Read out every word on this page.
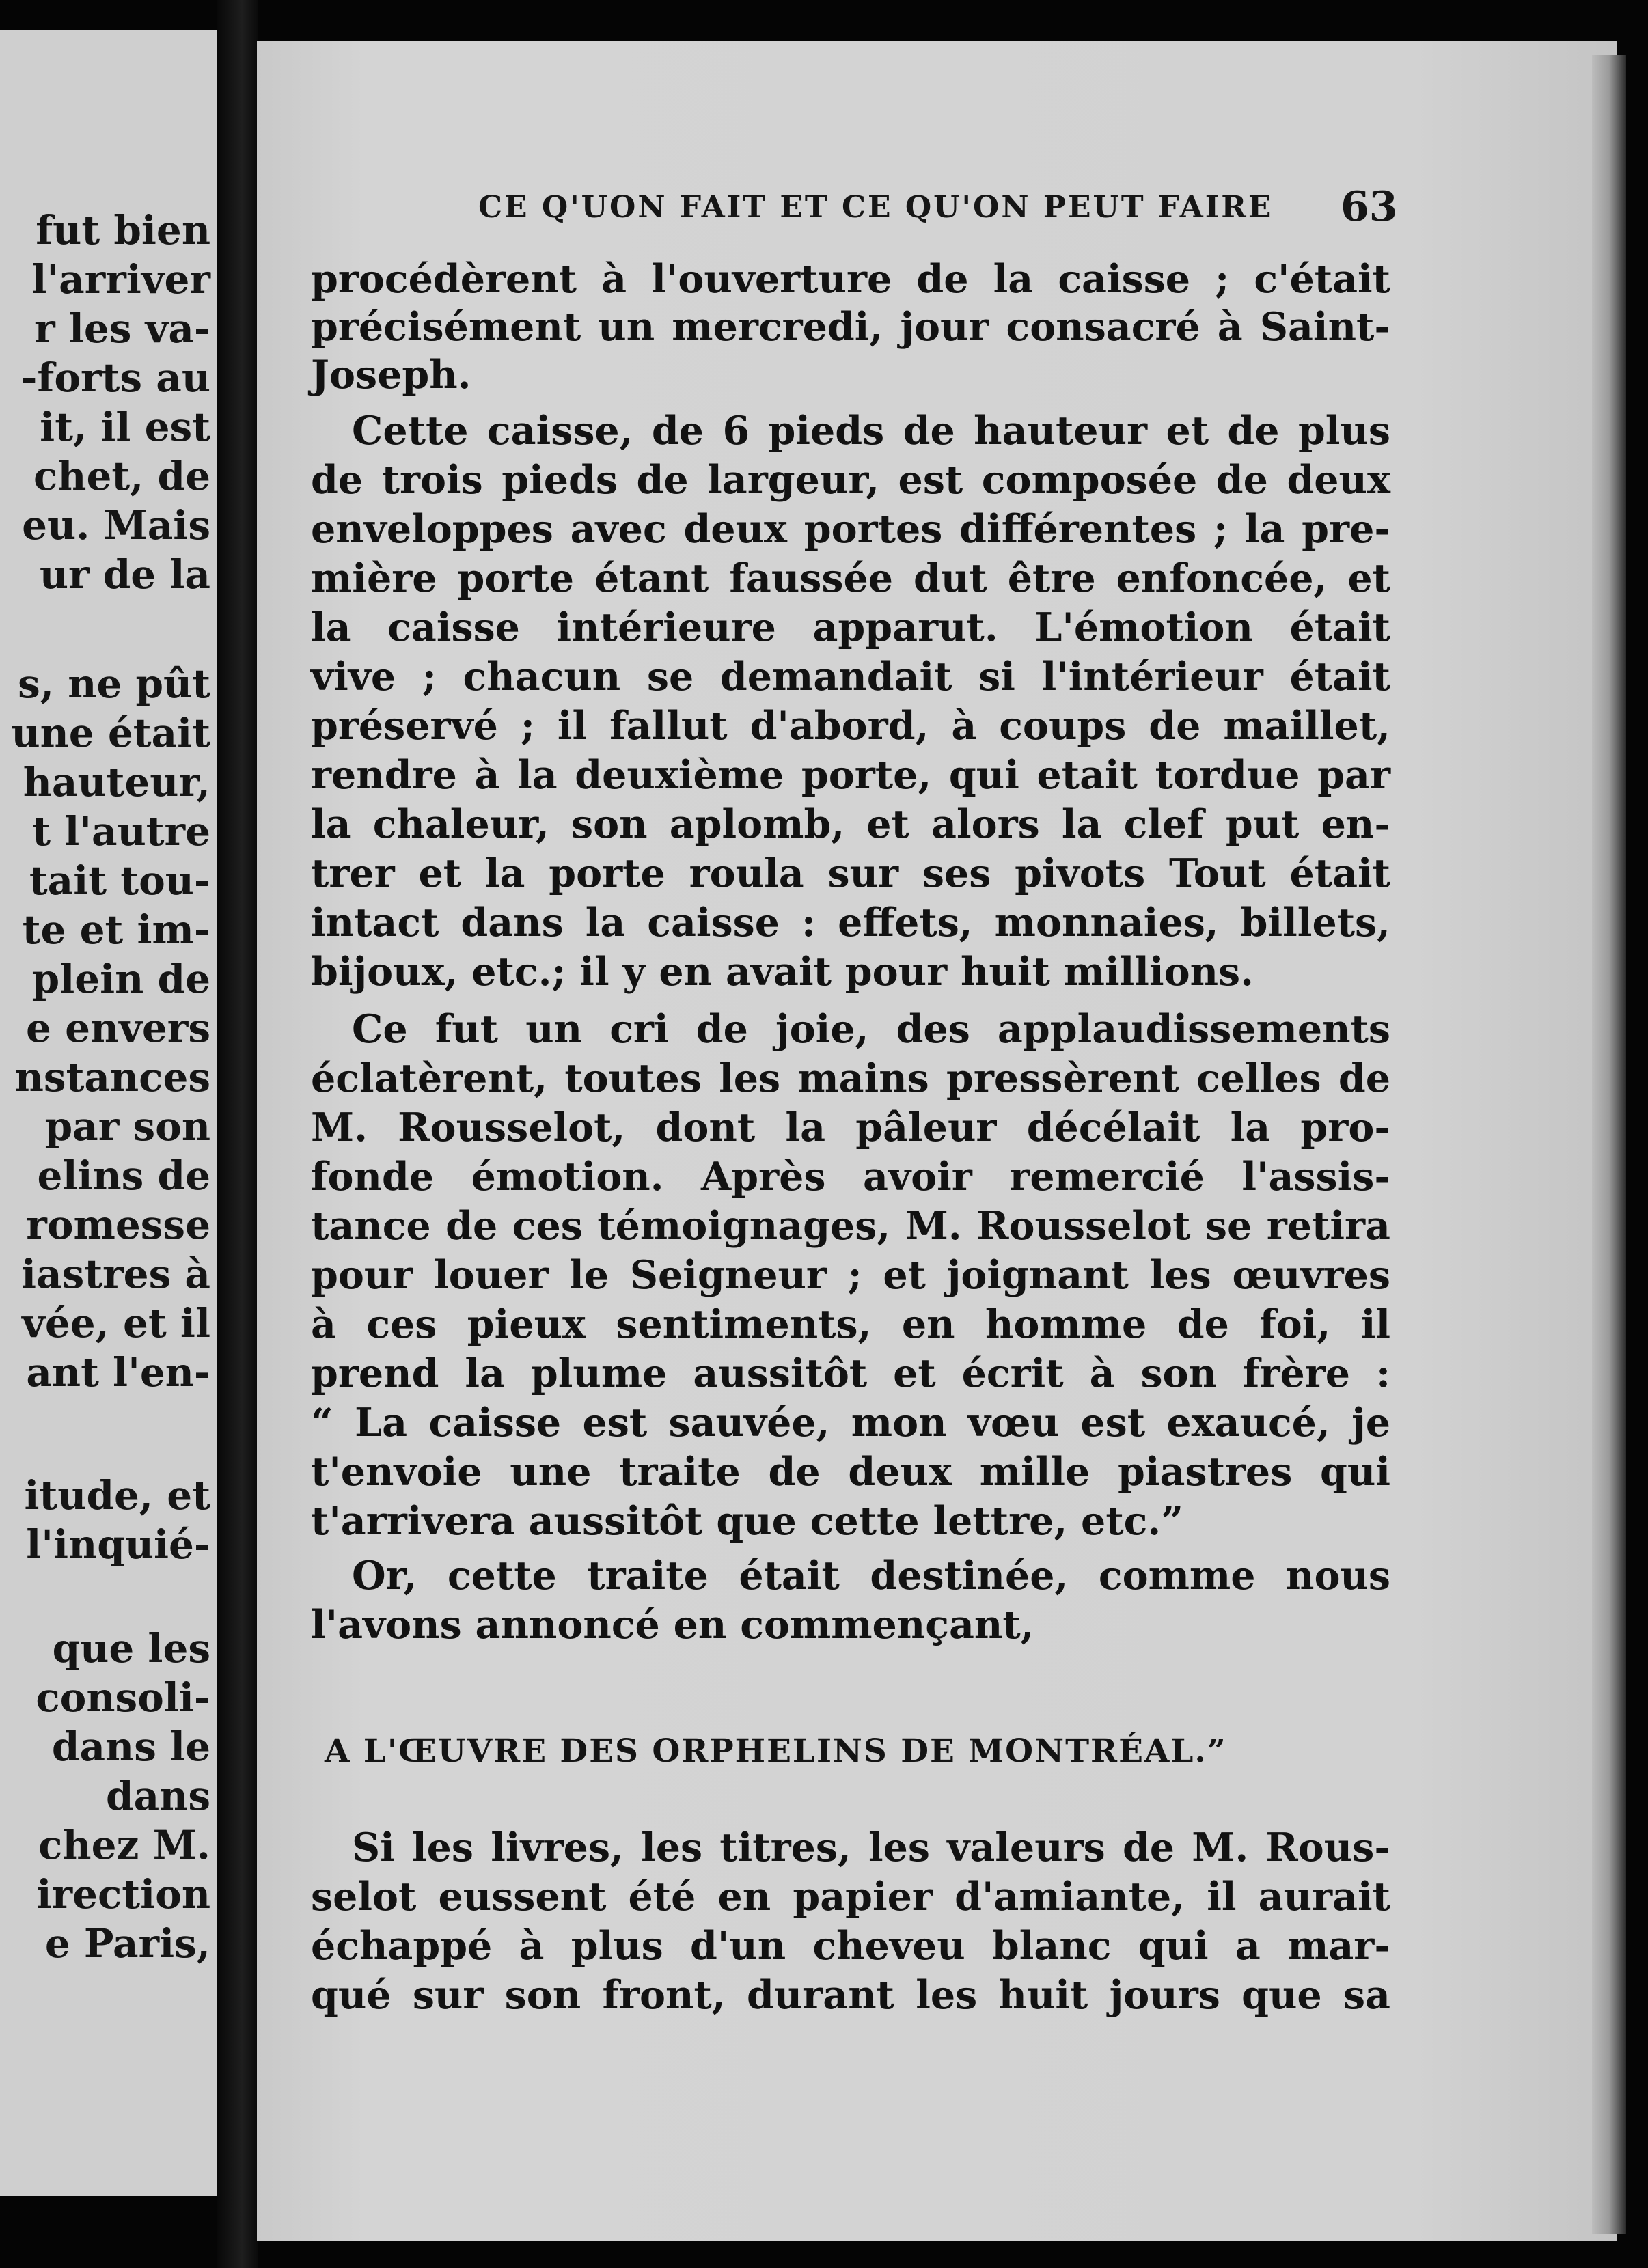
fut bien
l'arriver
r les va-
-forts au
it, il est
chet, de
eu. Mais
ur de la
s, ne pût
une était
hauteur,
t l'autre
tait tou-
te et im-
plein de
e envers
nstances
par son
elins de
romesse
iastres à
vée, et il
ant l'en-
itude, et
l'inquié-
que les
consoli-
dans le
dans
chez M.
irection
e Paris,
CE Q'UON FAIT ET CE QU'ON PEUT FAIRE 63
procédèrent à l'ouverture de la caisse ; c'était
précisément un mercredi, jour consacré à Saint-
Joseph.
Cette caisse, de 6 pieds de hauteur et de plus
de trois pieds de largeur, est composée de deux
enveloppes avec deux portes différentes ; la pre-
mière porte étant faussée dut être enfoncée, et
la caisse intérieure apparut. L'émotion était
vive ; chacun se demandait si l'intérieur était
préservé ; il fallut d'abord, à coups de maillet,
rendre à la deuxième porte, qui etait tordue par
la chaleur, son aplomb, et alors la clef put en-
trer et la porte roula sur ses pivots Tout était
intact dans la caisse : effets, monnaies, billets,
bijoux, etc.; il y en avait pour huit millions.
Ce fut un cri de joie, des applaudissements
éclatèrent, toutes les mains pressèrent celles de
M. Rousselot, dont la pâleur décélait la pro-
fonde émotion. Après avoir remercié l'assis-
tance de ces témoignages, M. Rousselot se retira
pour louer le Seigneur ; et joignant les œuvres
à ces pieux sentiments, en homme de foi, il
prend la plume aussitôt et écrit à son frère :
“ La caisse est sauvée, mon vœu est exaucé, je
t'envoie une traite de deux mille piastres qui
t'arrivera aussitôt que cette lettre, etc.”
Or, cette traite était destinée, comme nous
l'avons annoncé en commençant,
A L'ŒUVRE DES ORPHELINS DE MONTRÉAL.”
Si les livres, les titres, les valeurs de M. Rous-
selot eussent été en papier d'amiante, il aurait
échappé à plus d'un cheveu blanc qui a mar-
qué sur son front, durant les huit jours que sa
